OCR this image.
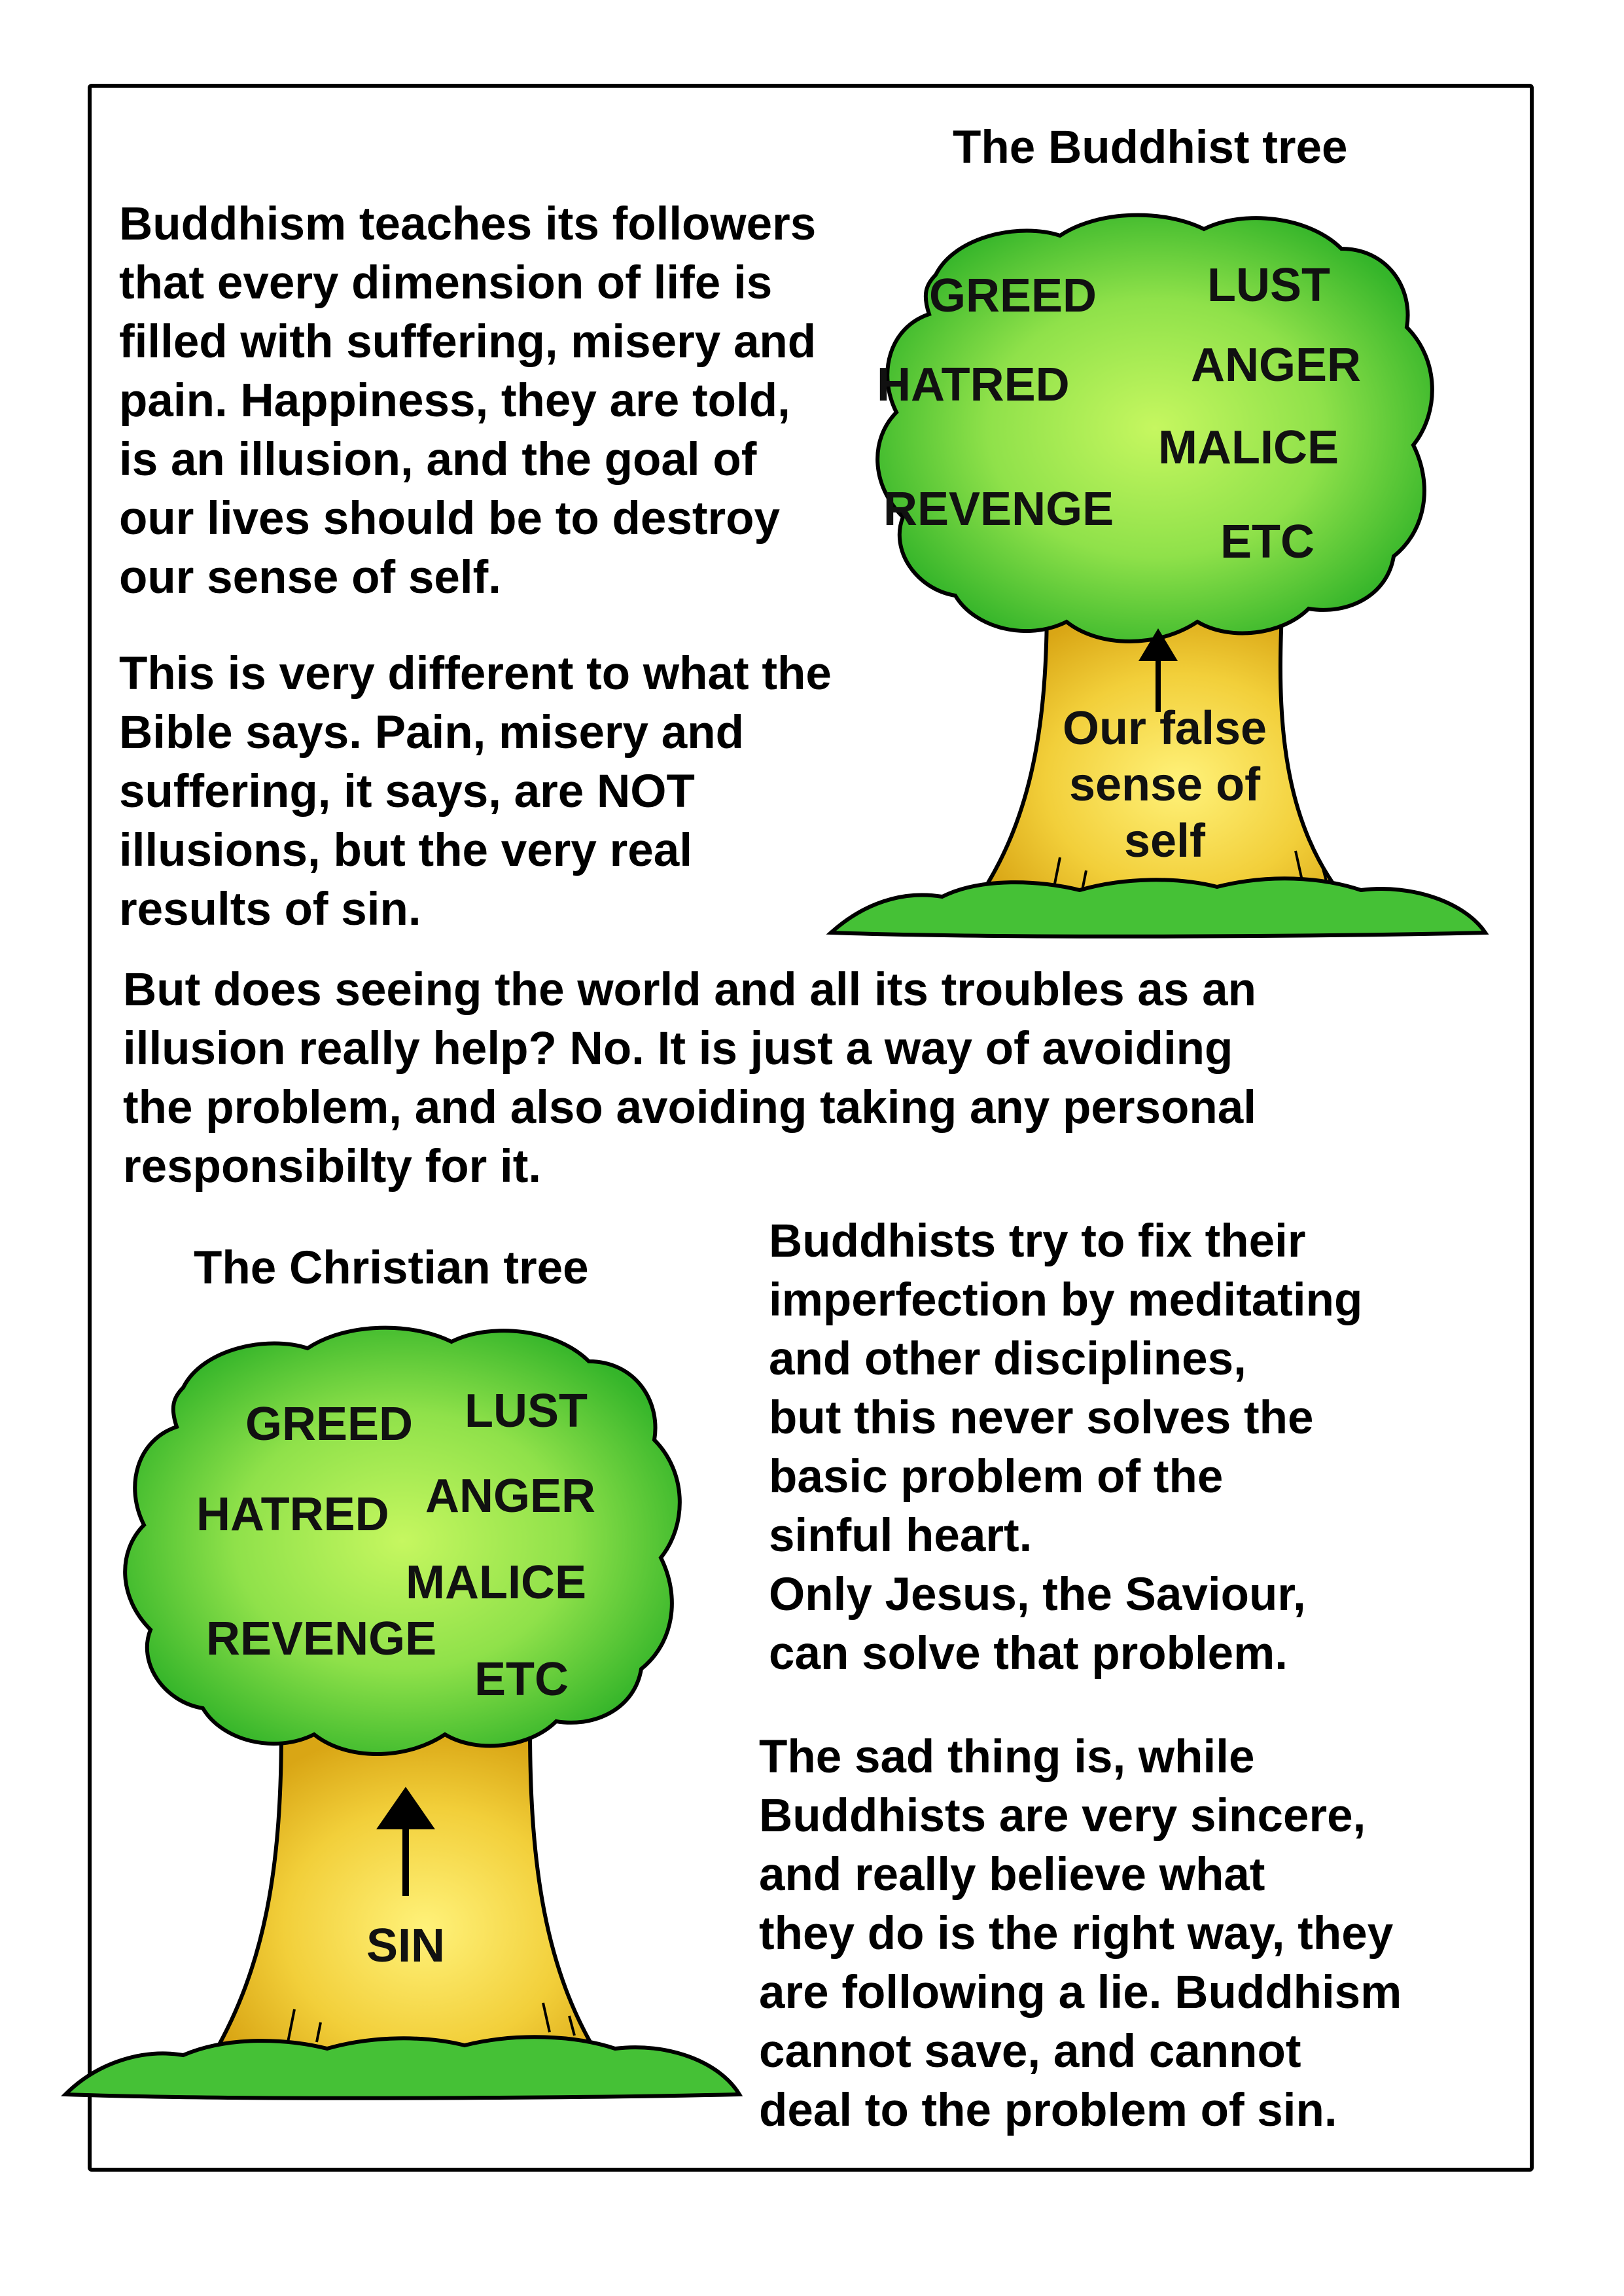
Buddhism teaches its followers
that every dimension of life is
filled with suffering, misery and
pain. Happiness, they are told,
is an illusion, and the goal of
our lives should be to destroy
our sense of self.

This is very different to what the
Bible says. Pain, misery and
suffering, it says, are NOT
illusions, but the very real
results of sin.

The Buddhist tree
GREED LUST
HATRED	ANGER
MALICE
REVENGE
ETC
Our false
sense of
self

But does seeing the world and all its troubles as an
illusion really help? No. It is just a way of avoiding
the problem, and also avoiding taking any personal
responsibilty for it.

The Christian tree
GREED LUST
HATRED ANGER
MALICE
REVENGE
ETC
SIN

Buddhists try to fix their
imperfection by meditating
and other disciplines,
but this never solves the
basic problem of the
sinful heart.
Only Jesus, the Saviour,
can solve that problem.

The sad thing is, while
Buddhists are very sincere,
and really believe what
they do is the right way, they
are following a lie. Buddhism
cannot save, and cannot
deal to the problem of sin.
